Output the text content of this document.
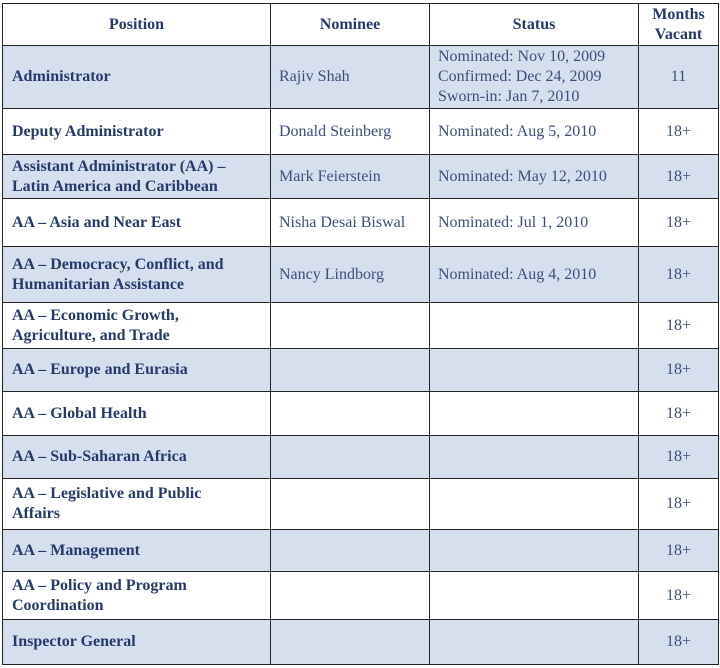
Position	Nominee	Status	Months
Vacant

Administrator	Rajiv Shah	Nominated: Nov 10, 2009
Confirmed: Dec 24, 2009
Sworn-in: Jan 7, 2010	11

Deputy Administrator	Donald Steinberg	Nominated: Aug 5, 2010	18+

Assistant Administrator (AA) –
Latin America and Caribbean	Mark Feierstein	Nominated: May 12, 2010	18+

AA – Asia and Near East	Nisha Desai Biswal	Nominated: Jul 1, 2010	18+

AA – Democracy, Conflict, and
Humanitarian Assistance	Nancy Lindborg	Nominated: Aug 4, 2010	18+

AA – Economic Growth,
Agriculture, and Trade			18+

AA – Europe and Eurasia			18+

AA – Global Health			18+

AA – Sub-Saharan Africa			18+

AA – Legislative and Public
Affairs			18+

AA – Management			18+

AA – Policy and Program
Coordination			18+

Inspector General			18+
